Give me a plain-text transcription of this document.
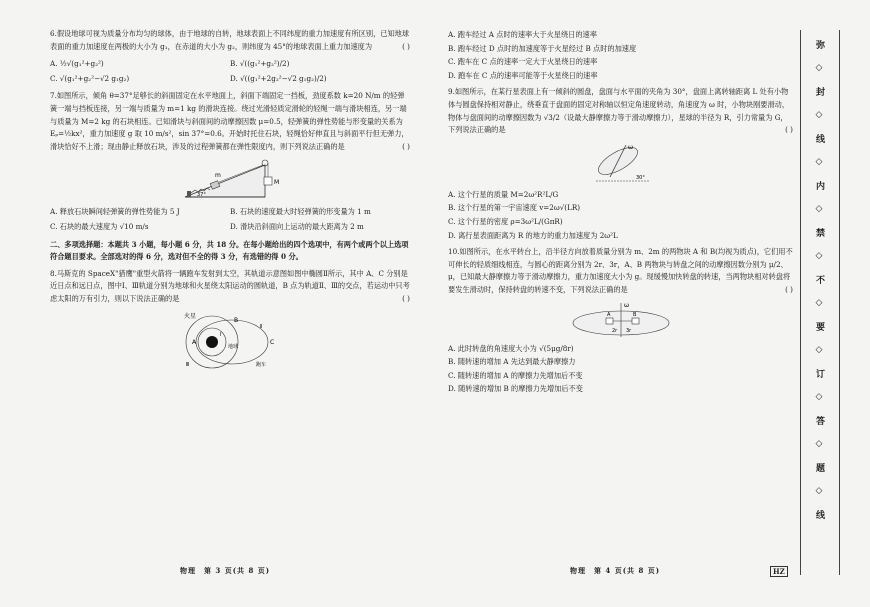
6.假设地球可视为质量分布均匀的球体，由于地球的自转，地球表面上不同纬度的重力加速度有所区别，已知地球表面的重力加速度在两极的大小为 g₁，在赤道的大小为 g₂，则纬度为 45°的地球表面上重力加速度为	( )
A. ½√(g₁²+g₂²)	B. √((g₁²+g₂²)/2)
C. √(g₁²+g₂²−√2 g₁g₂)	D. √((g₁²+2g₂²−√2 g₁g₂)/2)
7.如图所示，倾角 θ=37°足够长的斜面固定在水平地面上，斜面下端固定一挡板，劲度系数 k=20 N/m 的轻弹簧一端与挡板连接，另一端与质量为 m=1 kg 的滑块连接。绕过光滑轻质定滑轮的轻绳一端与滑块相连，另一端与质量为 M=2 kg 的石块相连。已知滑块与斜面间的动摩擦因数 μ=0.5，轻弹簧的弹性势能与形变量的关系为 Eₚ=½kx²，重力加速度 g 取 10 m/s²，sin 37°=0.6。开始时托住石块，轻绳恰好伸直且与斜面平行但无弹力，滑块恰好不上滑；现由静止释放石块，涉及的过程弹簧都在弹性限度内，则下列说法正确的是	( )
m
M
37°
A. 释放石块瞬间轻弹簧的弹性势能为 5 J	B. 石块的速度最大时轻弹簧的形变量为 1 m
C. 石块的最大速度为 √10 m/s	D. 滑块沿斜面向上运动的最大距离为 2 m
二、多项选择题：本题共 3 小题，每小题 6 分，共 18 分。在每小题给出的四个选项中，有两个或两个以上选项符合题目要求。全部选对的得 6 分，选对但不全的得 3 分，有选错的得 0 分。
8.马斯克的 SpaceX"猎鹰"重型火箭将一辆跑车发射到太空，其轨道示意图如图中椭圆Ⅱ所示，其中 A、C 分别是近日点和远日点，图中Ⅰ、Ⅲ轨道分别为地球和火星绕太阳运动的圆轨道，B 点为轨道Ⅱ、Ⅲ的交点，若运动中只考虑太阳的万有引力，则以下说法正确的是	( )
火星
地球
跑车
A
B
C
Ⅰ
Ⅱ
Ⅲ
物理　第 3 页(共 8 页)
A. 跑车经过 A 点时的速率大于火星绕日的速率
B. 跑车经过 D 点时的加速度等于火星经过 B 点时的加速度
C. 跑车在 C 点的速率一定大于火星绕日的速率
D. 跑车在 C 点的速率可能等于火星绕日的速率
9.如图所示，在某行星表面上有一倾斜的圆盘，盘面与水平面的夹角为 30°，盘面上离转轴距离 L 处有小物体与圆盘保持相对静止，绕垂直于盘面的固定对称轴以恒定角速度转动，角速度为 ω 时，小物块刚要滑动，物体与盘面间的动摩擦因数为 √3/2（设最大静摩擦力等于滑动摩擦力），星球的半径为 R，引力常量为 G，下列说法正确的是	( )
ω
30°
A. 这个行星的质量 M=2ω²R²L/G
B. 这个行星的第一宇宙速度 v=2ω√(LR)
C. 这个行星的密度 ρ=3ω²L/(GπR)
D. 离行星表面距离为 R 的地方的重力加速度为 2ω²L
10.如图所示，在水平转台上，沿半径方向放着质量分别为 m、2m 的两物块 A 和 B(均视为质点)，它们用不可伸长的轻质细线相连，与圆心的距离分别为 2r、3r，A、B 两物块与转盘之间的动摩擦因数分别为 μ/2、μ，已知最大静摩擦力等于滑动摩擦力，重力加速度大小为 g。现缓慢加快转盘的转速，当两物块相对转盘将要发生滑动时，保持转盘的转速不变，下列说法正确的是	( )
ω
2r 3r
A	B
A. 此时转盘的角速度大小为 √(5μg/8r)
B. 随转速的增加 A 先达到最大静摩擦力
C. 随转速的增加 A 的摩擦力先增加后不变
D. 随转速的增加 B 的摩擦力先增加后不变
物理　第 4 页(共 8 页)	HZ
弥◇封◇线◇内◇禁◇不◇要◇订◇答◇题◇线
